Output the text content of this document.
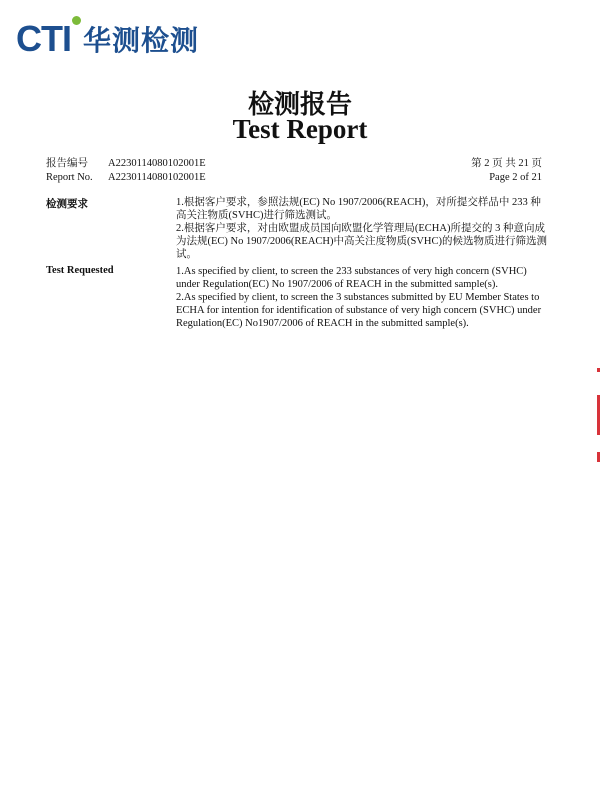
CTI 华测检测
检测报告
Test Report
报告编号 A2230114080102001E
Report No. A2230114080102001E
第 2 页 共 21 页
Page 2 of 21
检测要求	1.根据客户要求，参照法规(EC) No 1907/2006(REACH)，对所提交样品中 233 种高关注物质(SVHC)进行筛选测试。

2.根据客户要求，对由欧盟成员国向欧盟化学管理局(ECHA)所提交的 3 种意向成为法规(EC) No 1907/2006(REACH)中高关注度物质(SVHC)的候选物质进行筛选测试。

Test Requested	1.As specified by client, to screen the 233 substances of very high concern (SVHC) under Regulation(EC) No 1907/2006 of REACH in the submitted sample(s).

2.As specified by client, to screen the 3 substances submitted by EU Member States to ECHA for intention for identification of substance of very high concern (SVHC) under Regulation(EC) No1907/2006 of REACH in the submitted sample(s).
